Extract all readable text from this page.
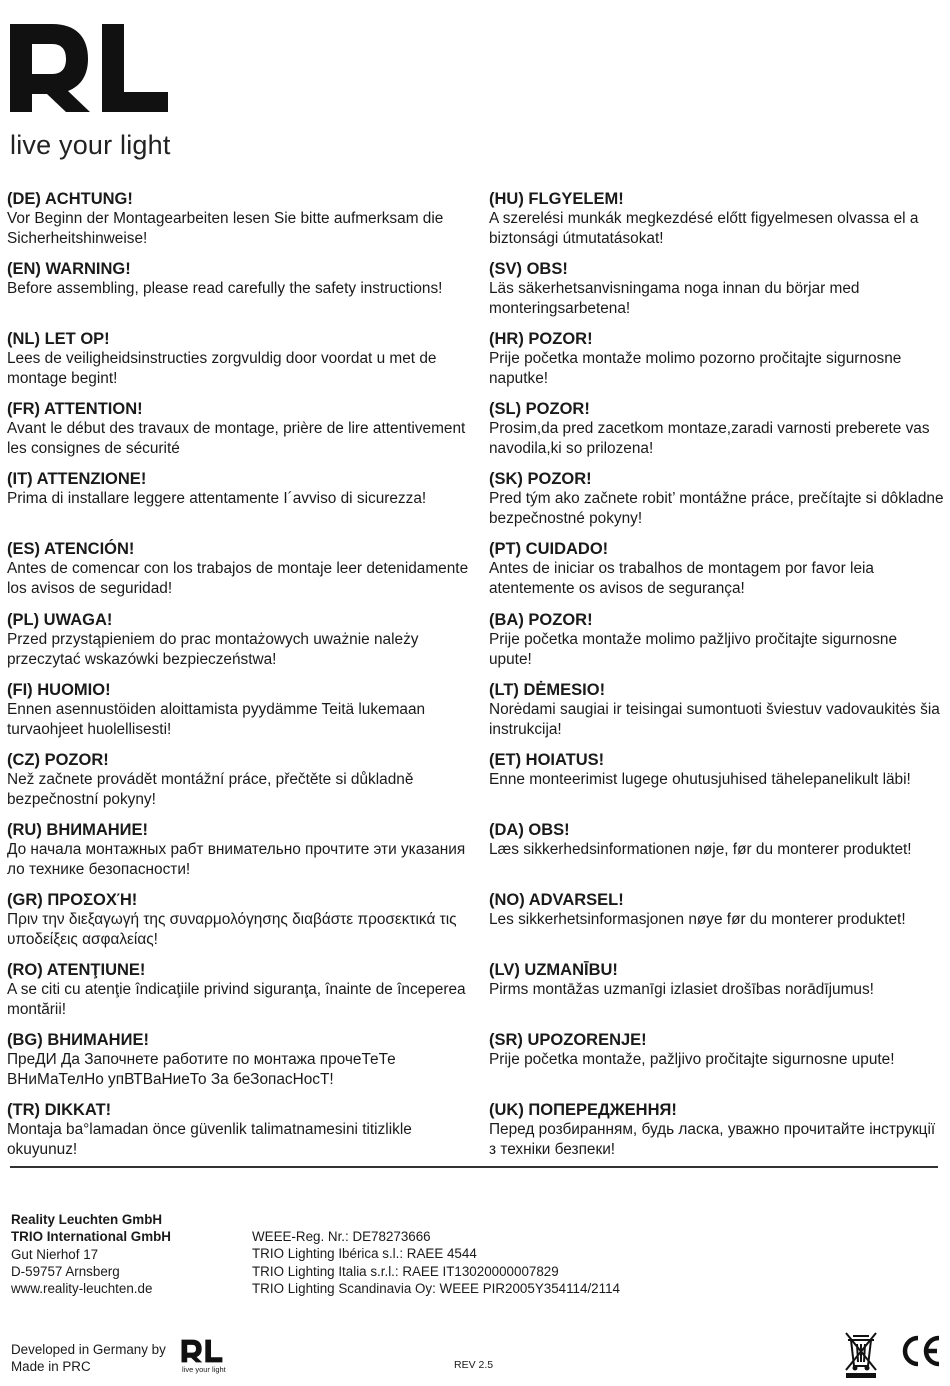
live your light
(DE) ACHTUNG!

Vor Beginn der Montagearbeiten lesen Sie bitte aufmerksam die Sicherheitshinweise!

(EN) WARNING!

Before assembling, please read carefully the safety instructions!

(NL) LET OP!

Lees de veiligheidsinstructies zorgvuldig door voordat u met de montage begint!

(FR) ATTENTION!

Avant le début des travaux de montage, prière de lire attentivement les consignes de sécurité

(IT) ATTENZIONE!

Prima di installare leggere attentamente I´avviso di sicurezza!

(ES) ATENCIÓN!

Antes de comencar con los trabajos de montaje leer detenidamente los avisos de seguridad!

(PL) UWAGA!

Przed przystąpieniem do prac montażowych uważnie należy przeczytać wskazówki bezpieczeństwa!

(FI) HUOMIO!

Ennen asennustöiden aloittamista pyydämme Teitä lukemaan turvaohjeet huolellisesti!

(CZ) POZOR!

Než začnete provádět montážní práce, přečtěte si důkladně bezpečnostní pokyny!

(RU) ВНИМАНИЕ!

До начала монтажных рабт внимательно прочтите эти указания ло технике безопасности!

(GR) ΠΡΟΣΟΧΉ!

Πριν την διεξαγωγή της συναρμολόγησης διαβάστε προσεκτικά τις υποδείξεις ασφαλείας!

(RO) ATENŢIUNE!

A se citi cu atenţie îndicaţiile privind siguranţa, înainte de începerea montării!

(BG) ВНИМАНИЕ!

ПреДИ Да Започнете работите по монтажа прочеТеТе ВНиМаТелНо упВТВаНиеТо За беЗопасНосТ!

(TR) DIKKAT!

Montaja ba°lamadan önce güvenlik talimatnamesini titizlikle okuyunuz!

(HU) FLGYELEM!

A szerelési munkák megkezdésé előtt figyelmesen olvassa el a biztonsági útmutatásokat!

(SV) OBS!

Läs säkerhetsanvisningama noga innan du börjar med monteringsarbetena!

(HR) POZOR!

Prije početka montaže molimo pozorno pročitajte sigurnosne naputke!

(SL) POZOR!

Prosim,da pred zacetkom montaze,zaradi varnosti preberete vas navodila,ki so prilozena!

(SK) POZOR!

Pred tým ako začnete robit’ montážne práce, prečítajte si dôkladne bezpečnostné pokyny!

(PT) CUIDADO!

Antes de iniciar os trabalhos de montagem por favor leia atentemente os avisos de segurança!

(BA) POZOR!

Prije početka montaže molimo pažljivo pročitajte sigurnosne upute!

(LT) DĖMESIO!

Norėdami saugiai ir teisingai sumontuoti šviestuv vadovaukitės šia instrukcija!

(ET) HOIATUS!

Enne monteerimist lugege ohutusjuhised tähelepanelikult läbi!

(DA) OBS!

Læs sikkerhedsinformationen nøje, før du monterer produktet!

(NO) ADVARSEL!

Les sikkerhetsinformasjonen nøye før du monterer produktet!

(LV) UZMANĪBU!

Pirms montāžas uzmanīgi izlasiet drošības norādījumus!

(SR) UPOZORENJE!

Prije početka montaže, pažljivo pročitajte sigurnosne upute!

(UK) ПОПЕРЕДЖЕННЯ!

Перед розбиранням, будь ласка, уважно прочитайте інструкції з техніки безпеки!

Reality Leuchten GmbH
TRIO International GmbH
Gut Nierhof 17
D-59757 Arnsberg
www.reality-leuchten.de
WEEE-Reg. Nr.: DE78273666
TRIO Lighting Ibérica s.l.: RAEE 4544
TRIO Lighting Italia s.r.l.: RAEE IT13020000007829
TRIO Lighting Scandinavia Oy: WEEE PIR2005Y354114/2114
Developed in Germany by
Made in PRC	live your light	REV 2.5
